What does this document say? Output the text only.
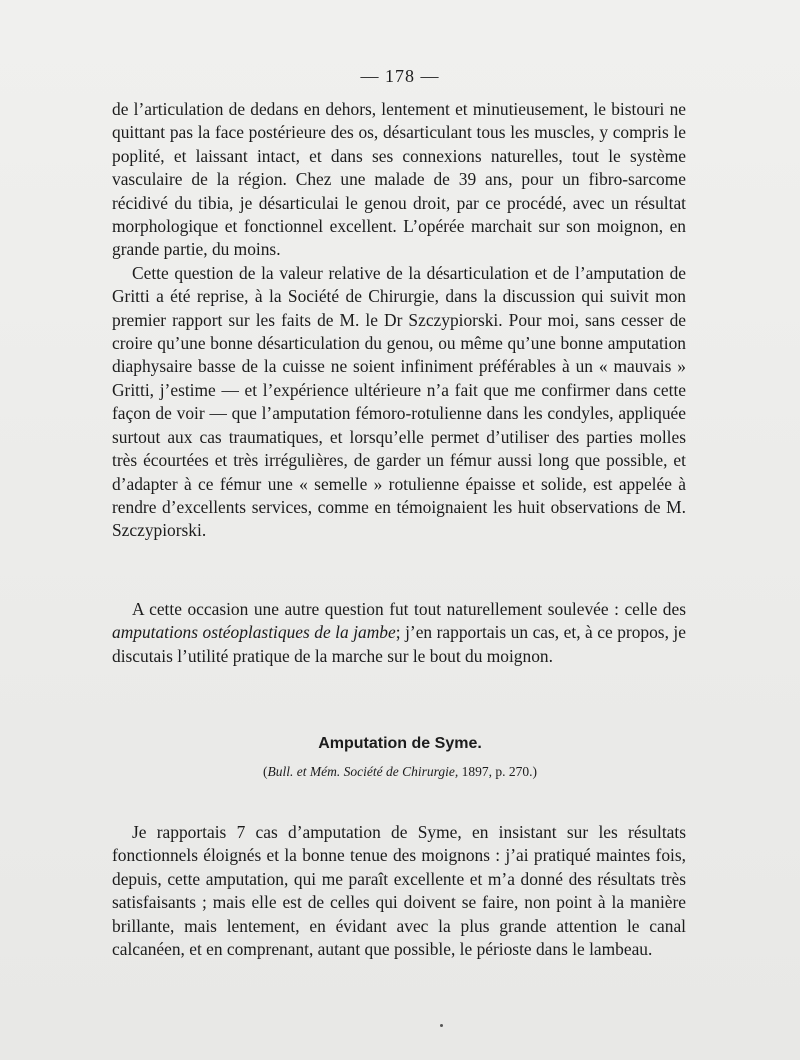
— 178 —

de l’articulation de dedans en dehors, lentement et minutieusement, le bistouri ne quittant pas la face postérieure des os, désarticulant tous les muscles, y compris le poplité, et laissant intact, et dans ses connexions naturelles, tout le système vasculaire de la région. Chez une malade de 39 ans, pour un fibro-sarcome récidivé du tibia, je désarticulai le genou droit, par ce procédé, avec un résultat morphologique et fonctionnel excellent. L’opérée marchait sur son moignon, en grande partie, du moins.

Cette question de la valeur relative de la désarticulation et de l’amputation de Gritti a été reprise, à la Société de Chirurgie, dans la discussion qui suivit mon premier rapport sur les faits de M. le Dr Szczypiorski. Pour moi, sans cesser de croire qu’une bonne désarticulation du genou, ou même qu’une bonne amputation diaphysaire basse de la cuisse ne soient infiniment préférables à un « mauvais » Gritti, j’estime — et l’expérience ultérieure n’a fait que me confirmer dans cette façon de voir — que l’amputation fémoro-rotulienne dans les condyles, appliquée surtout aux cas traumatiques, et lorsqu’elle permet d’utiliser des parties molles très écourtées et très irrégulières, de garder un fémur aussi long que possible, et d’adapter à ce fémur une « semelle » rotulienne épaisse et solide, est appelée à rendre d’excellents services, comme en témoignaient les huit observations de M. Szczypiorski.

A cette occasion une autre question fut tout naturellement soulevée : celle des amputations ostéoplastiques de la jambe; j’en rapportais un cas, et, à ce propos, je discutais l’utilité pratique de la marche sur le bout du moignon.

Amputation de Syme.
(Bull. et Mém. Société de Chirurgie, 1897, p. 270.)

Je rapportais 7 cas d’amputation de Syme, en insistant sur les résultats fonctionnels éloignés et la bonne tenue des moignons : j’ai pratiqué maintes fois, depuis, cette amputation, qui me paraît excellente et m’a donné des résultats très satisfaisants ; mais elle est de celles qui doivent se faire, non point à la manière brillante, mais lentement, en évidant avec la plus grande attention le canal calcanéen, et en comprenant, autant que possible, le périoste dans le lambeau.
